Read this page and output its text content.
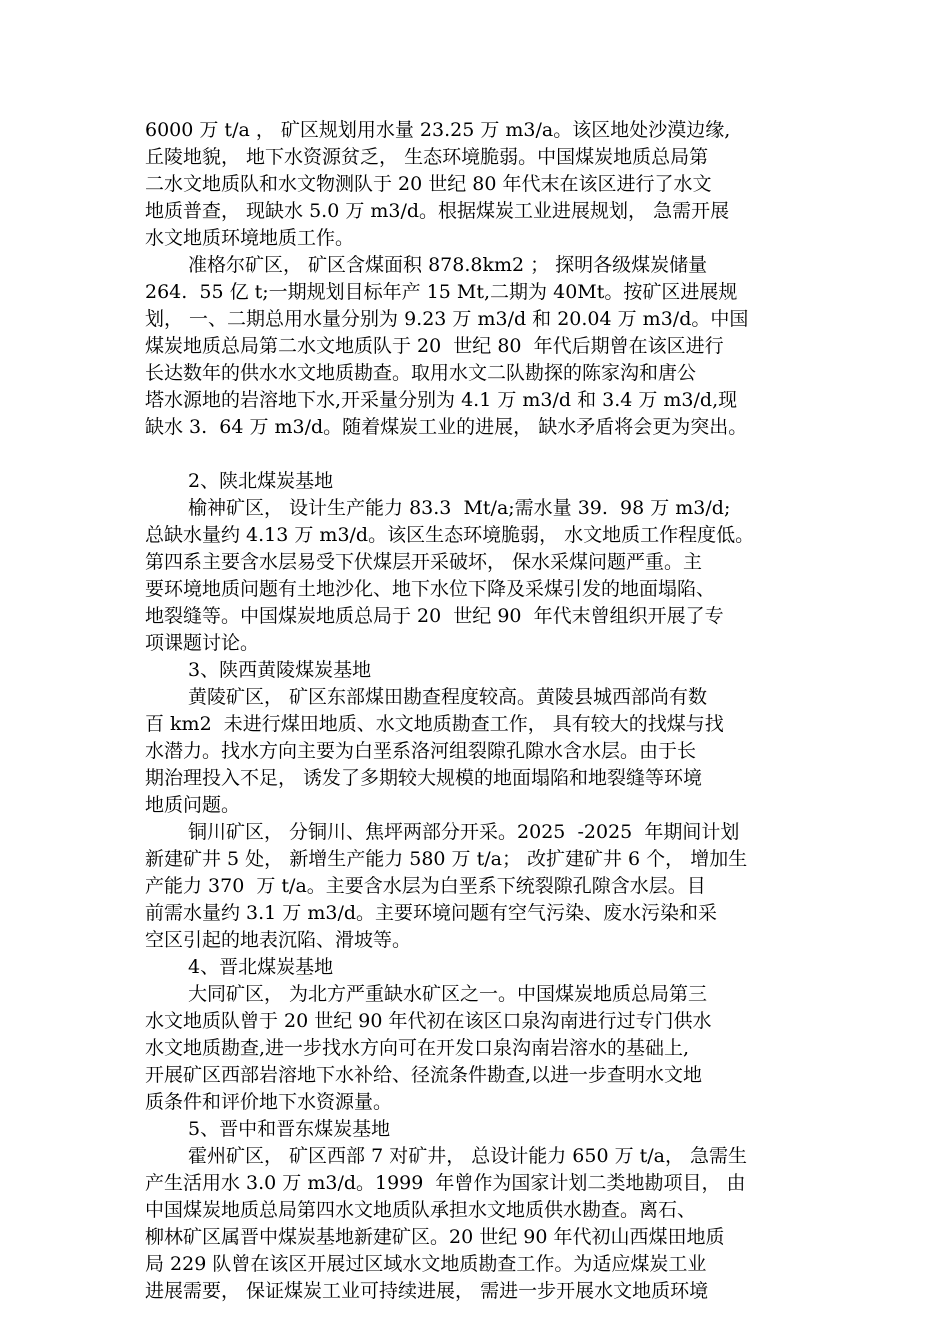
6000 万 t/a ， 矿区规划用水量 23.25 万 m3/a。该区地处沙漠边缘,
丘陵地貌， 地下水资源贫乏， 生态环境脆弱。中国煤炭地质总局第
二水文地质队和水文物测队于 20 世纪 80 年代末在该区进行了水文
地质普查， 现缺水 5.0 万 m3/d。根据煤炭工业进展规划， 急需开展
水文地质环境地质工作。
准格尔矿区， 矿区含煤面积 878.8km2 ； 探明各级煤炭储量
264.  55 亿 t;一期规划目标年产 15 Mt,二期为 40Mt。按矿区进展规
划， 一、二期总用水量分别为 9.23 万 m3/d 和 20.04 万 m3/d。中国
煤炭地质总局第二水文地质队于 20  世纪 80  年代后期曾在该区进行
长达数年的供水水文地质勘查。取用水文二队勘探的陈家沟和唐公
塔水源地的岩溶地下水,开采量分别为 4.1 万 m3/d 和 3.4 万 m3/d,现
缺水 3.  64 万 m3/d。随着煤炭工业的进展， 缺水矛盾将会更为突出。
2、陕北煤炭基地
榆神矿区， 设计生产能力 83.3  Mt/a;需水量 39.  98 万 m3/d;
总缺水量约 4.13 万 m3/d。该区生态环境脆弱， 水文地质工作程度低。
第四系主要含水层易受下伏煤层开采破坏， 保水采煤问题严重。主
要环境地质问题有土地沙化、地下水位下降及采煤引发的地面塌陷、
地裂缝等。中国煤炭地质总局于 20  世纪 90  年代末曾组织开展了专
项课题讨论。
3、陕西黄陵煤炭基地
黄陵矿区， 矿区东部煤田勘查程度较高。黄陵县城西部尚有数
百 km2  未进行煤田地质、水文地质勘查工作， 具有较大的找煤与找
水潜力。找水方向主要为白垩系洛河组裂隙孔隙水含水层。由于长
期治理投入不足， 诱发了多期较大规模的地面塌陷和地裂缝等环境
地质问题。
铜川矿区， 分铜川、焦坪两部分开采。2025  -2025  年期间计划
新建矿井 5 处， 新增生产能力 580 万 t/a； 改扩建矿井 6 个， 增加生
产能力 370  万 t/a。主要含水层为白垩系下统裂隙孔隙含水层。目
前需水量约 3.1 万 m3/d。主要环境问题有空气污染、废水污染和采
空区引起的地表沉陷、滑坡等。
4、晋北煤炭基地
大同矿区， 为北方严重缺水矿区之一。中国煤炭地质总局第三
水文地质队曾于 20 世纪 90 年代初在该区口泉沟南进行过专门供水
水文地质勘查,进一步找水方向可在开发口泉沟南岩溶水的基础上,
开展矿区西部岩溶地下水补给、径流条件勘查,以进一步查明水文地
质条件和评价地下水资源量。
5、晋中和晋东煤炭基地
霍州矿区， 矿区西部 7 对矿井， 总设计能力 650 万 t/a， 急需生
产生活用水 3.0 万 m3/d。1999  年曾作为国家计划二类地勘项目， 由
中国煤炭地质总局第四水文地质队承担水文地质供水勘查。离石、
柳林矿区属晋中煤炭基地新建矿区。20 世纪 90 年代初山西煤田地质
局 229 队曾在该区开展过区域水文地质勘查工作。为适应煤炭工业
进展需要， 保证煤炭工业可持续进展， 需进一步开展水文地质环境
